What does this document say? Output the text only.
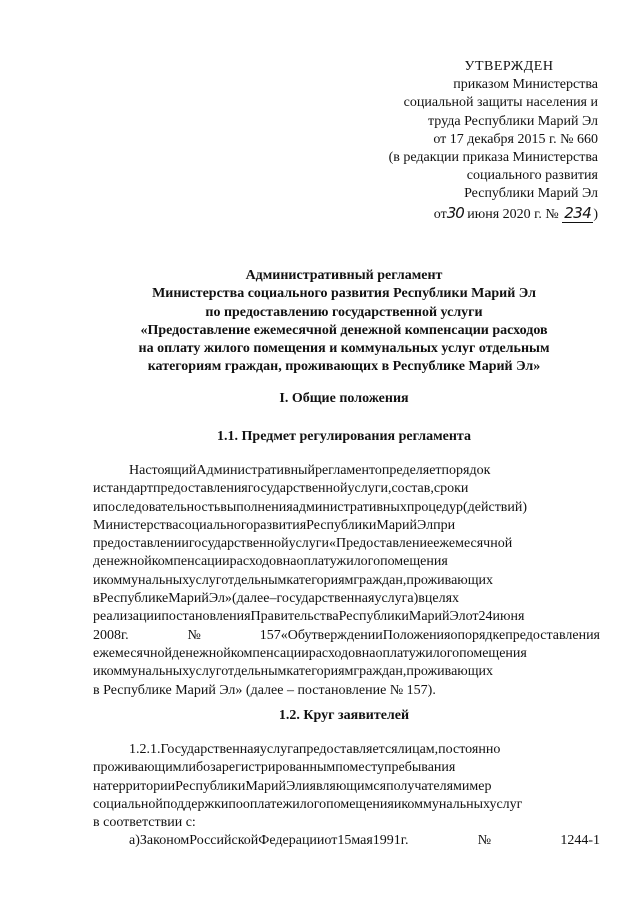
УТВЕРЖДЕН
приказом Министерства
социальной защиты населения и
труда Республики Марий Эл
от 17 декабря 2015 г. № 660
(в редакции приказа Министерства
социального развития
Республики Марий Эл
от30 июня 2020 г. № 234 )
Административный регламент
Министерства социального развития Республики Марий Эл
по предоставлению государственной услуги
«Предоставление ежемесячной денежной компенсации расходов
на оплату жилого помещения и коммунальных услуг отдельным
категориям граждан, проживающих в Республике Марий Эл»
I. Общие положения
1.1. Предмет регулирования регламента
НастоящийАдминистративныйрегламентопределяетпорядок
истандартпредоставлениягосударственнойуслуги,состав,сроки
ипоследовательностьвыполненияадминистративныхпроцедур(действий)
МинистерствасоциальногоразвитияРеспубликиМарийЭлпри
предоставлениигосударственнойуслуги«Предоставлениеежемесячной
денежнойкомпенсациирасходовнаоплатужилогопомещения
икоммунальныхуслуготдельнымкатегориямграждан,проживающих
вРеспубликеМарийЭл»(далее–государственнаяуслуга)вцелях
реализациипостановленияПравительстваРеспубликиМарийЭлот24июня
2008г.№157«ОбутвержденииПоложенияопорядкепредоставления
ежемесячнойденежнойкомпенсациирасходовнаоплатужилогопомещения
икоммунальныхуслуготдельнымкатегориямграждан,проживающих
в Республике Марий Эл» (далее – постановление № 157).
1.2. Круг заявителей
1.2.1.Государственнаяуслугапредоставляетсялицам,постоянно
проживающимлибозарегистрированнымпоместупребывания
натерриторииРеспубликиМарийЭлиявляющимсяполучателямимер
социальнойподдержкипооплатежилогопомещенияикоммунальныхуслуг
в соответствии с:
а)ЗакономРоссийскойФедерацииот15мая1991г.№1244-1
